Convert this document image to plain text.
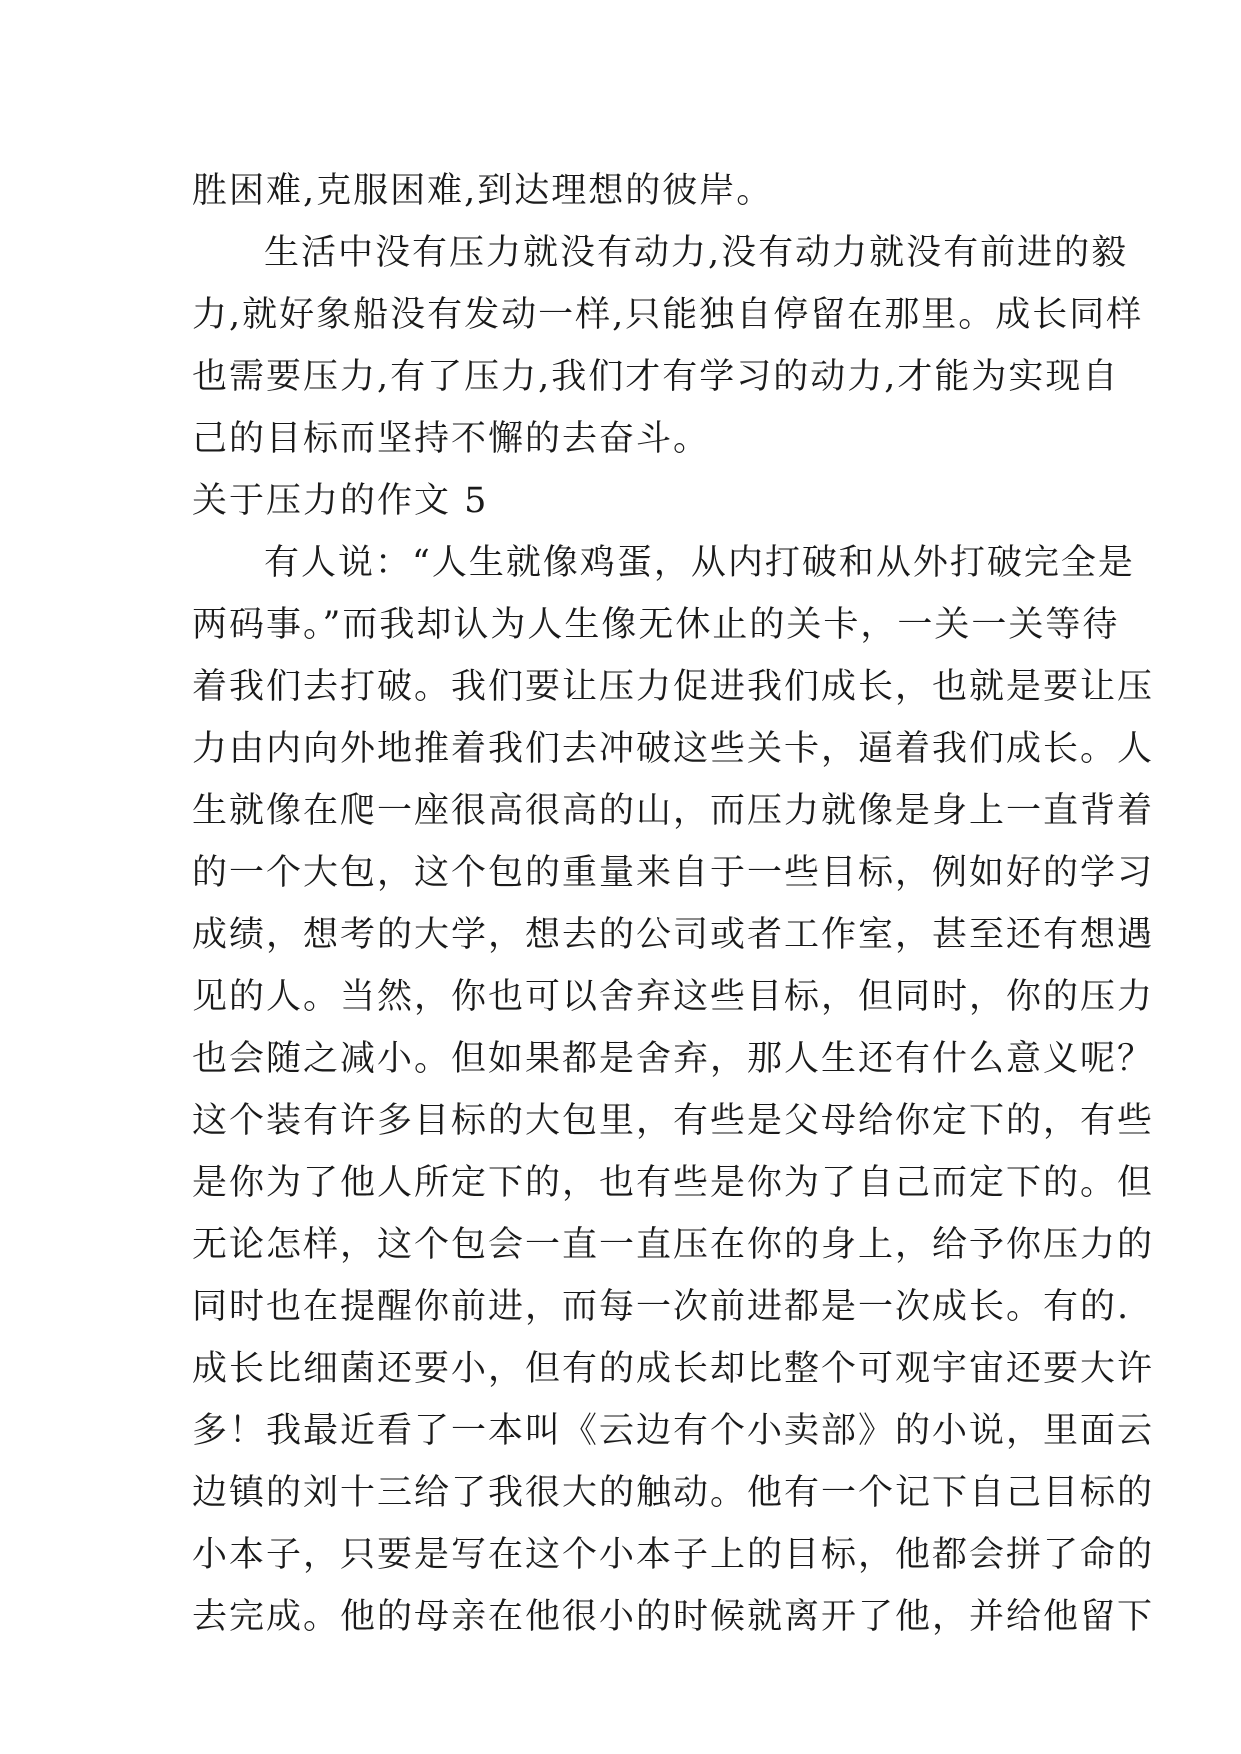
胜困难,克服困难,到达理想的彼岸。
生活中没有压力就没有动力,没有动力就没有前进的毅
力,就好象船没有发动一样,只能独自停留在那里。成长同样
也需要压力,有了压力,我们才有学习的动力,才能为实现自
己的目标而坚持不懈的去奋斗。
关于压力的作文 5
有人说：“人生就像鸡蛋，从内打破和从外打破完全是
两码事。”而我却认为人生像无休止的关卡，一关一关等待
着我们去打破。我们要让压力促进我们成长，也就是要让压
力由内向外地推着我们去冲破这些关卡，逼着我们成长。人
生就像在爬一座很高很高的山，而压力就像是身上一直背着
的一个大包，这个包的重量来自于一些目标，例如好的学习
成绩，想考的大学，想去的公司或者工作室，甚至还有想遇
见的人。当然，你也可以舍弃这些目标，但同时，你的压力
也会随之减小。但如果都是舍弃，那人生还有什么意义呢？
这个装有许多目标的大包里，有些是父母给你定下的，有些
是你为了他人所定下的，也有些是你为了自己而定下的。但
无论怎样，这个包会一直一直压在你的身上，给予你压力的
同时也在提醒你前进，而每一次前进都是一次成长。有的.
成长比细菌还要小，但有的成长却比整个可观宇宙还要大许
多！我最近看了一本叫《云边有个小卖部》的小说，里面云
边镇的刘十三给了我很大的触动。他有一个记下自己目标的
小本子，只要是写在这个小本子上的目标，他都会拼了命的
去完成。他的母亲在他很小的时候就离开了他，并给他留下
